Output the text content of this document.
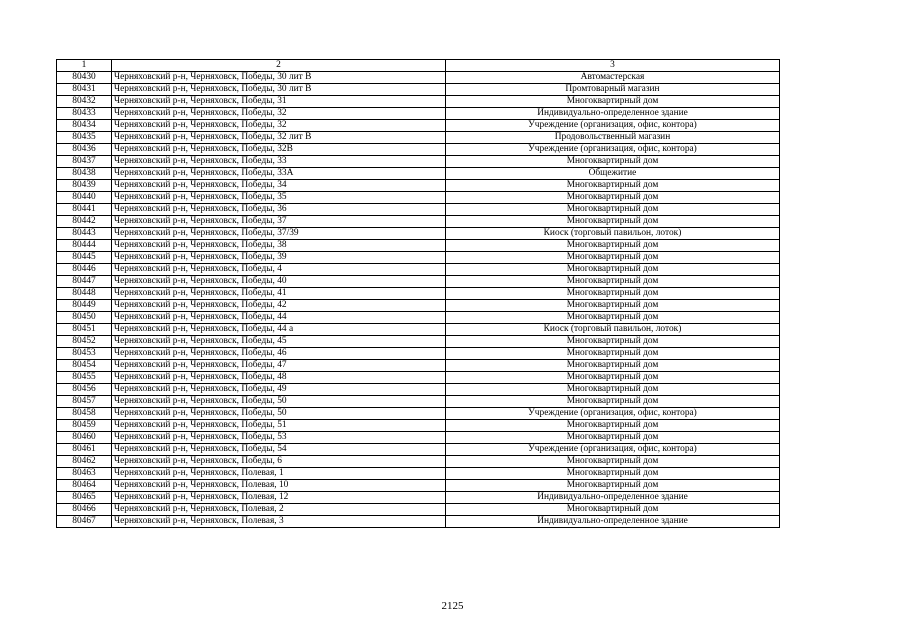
1	2	3
80430	Черняховский р-н, Черняховск, Победы, 30 лит В	Автомастерская
80431	Черняховский р-н, Черняховск, Победы, 30 лит В	Промтоварный магазин
80432	Черняховский р-н, Черняховск, Победы, 31	Многоквартирный дом
80433	Черняховский р-н, Черняховск, Победы, 32	Индивидуально-определенное здание
80434	Черняховский р-н, Черняховск, Победы, 32	Учреждение (организация, офис, контора)
80435	Черняховский р-н, Черняховск, Победы, 32 лит В	Продовольственный магазин
80436	Черняховский р-н, Черняховск, Победы, 32В	Учреждение (организация, офис, контора)
80437	Черняховский р-н, Черняховск, Победы, 33	Многоквартирный дом
80438	Черняховский р-н, Черняховск, Победы, 33А	Общежитие
80439	Черняховский р-н, Черняховск, Победы, 34	Многоквартирный дом
80440	Черняховский р-н, Черняховск, Победы, 35	Многоквартирный дом
80441	Черняховский р-н, Черняховск, Победы, 36	Многоквартирный дом
80442	Черняховский р-н, Черняховск, Победы, 37	Многоквартирный дом
80443	Черняховский р-н, Черняховск, Победы, 37/39	Киоск (торговый павильон, лоток)
80444	Черняховский р-н, Черняховск, Победы, 38	Многоквартирный дом
80445	Черняховский р-н, Черняховск, Победы, 39	Многоквартирный дом
80446	Черняховский р-н, Черняховск, Победы, 4	Многоквартирный дом
80447	Черняховский р-н, Черняховск, Победы, 40	Многоквартирный дом
80448	Черняховский р-н, Черняховск, Победы, 41	Многоквартирный дом
80449	Черняховский р-н, Черняховск, Победы, 42	Многоквартирный дом
80450	Черняховский р-н, Черняховск, Победы, 44	Многоквартирный дом
80451	Черняховский р-н, Черняховск, Победы, 44 а	Киоск (торговый павильон, лоток)
80452	Черняховский р-н, Черняховск, Победы, 45	Многоквартирный дом
80453	Черняховский р-н, Черняховск, Победы, 46	Многоквартирный дом
80454	Черняховский р-н, Черняховск, Победы, 47	Многоквартирный дом
80455	Черняховский р-н, Черняховск, Победы, 48	Многоквартирный дом
80456	Черняховский р-н, Черняховск, Победы, 49	Многоквартирный дом
80457	Черняховский р-н, Черняховск, Победы, 50	Многоквартирный дом
80458	Черняховский р-н, Черняховск, Победы, 50	Учреждение (организация, офис, контора)
80459	Черняховский р-н, Черняховск, Победы, 51	Многоквартирный дом
80460	Черняховский р-н, Черняховск, Победы, 53	Многоквартирный дом
80461	Черняховский р-н, Черняховск, Победы, 54	Учреждение (организация, офис, контора)
80462	Черняховский р-н, Черняховск, Победы, 6	Многоквартирный дом
80463	Черняховский р-н, Черняховск, Полевая, 1	Многоквартирный дом
80464	Черняховский р-н, Черняховск, Полевая, 10	Многоквартирный дом
80465	Черняховский р-н, Черняховск, Полевая, 12	Индивидуально-определенное здание
80466	Черняховский р-н, Черняховск, Полевая, 2	Многоквартирный дом
80467	Черняховский р-н, Черняховск, Полевая, 3	Индивидуально-определенное здание
2125
